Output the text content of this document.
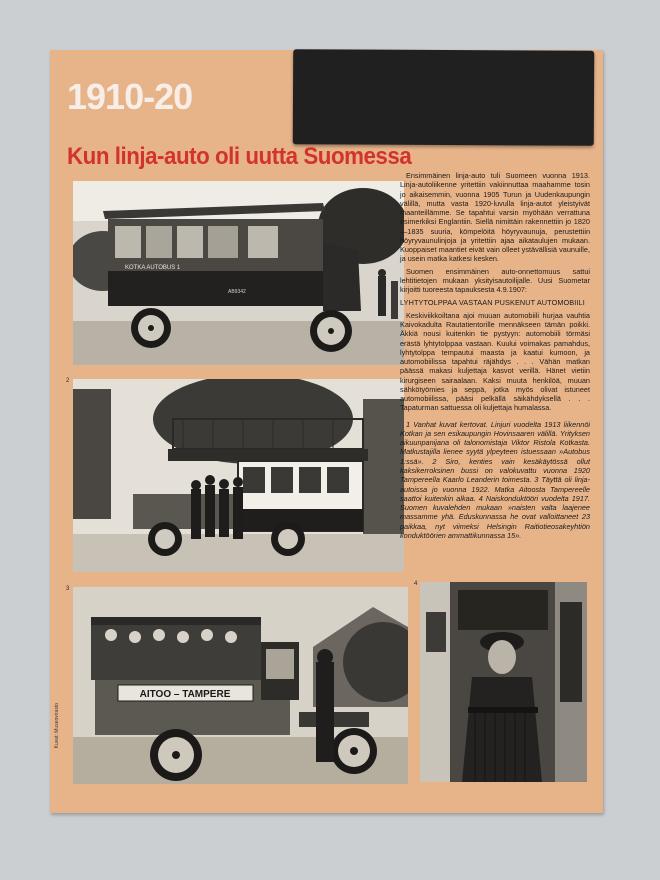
1910-20
Kun linja-auto oli uutta Suomessa
KOTKA AUTOBUS 1
AB9342
2
3
AITOO – TAMPERE
Kuvat: Museovirasto
4

Ensimmäinen linja-auto tuli Suomeen vuonna 1913. Linja-autoliikenne yritettiin vakiinnuttaa maahamme tosin jo aikaisemmin, vuonna 1905 Turun ja Uudenkaupungin välillä, mutta vasta 1920-luvulla linja-autot yleistyivät maanteillämme. Se tapahtui varsin myöhään verrattuna esimerkiksi Englantiin. Siellä nimittäin rakennettiin jo 1820—1835 suuria, kömpelöitä höyryvaunuja, perustettiin höyryvaunulinjoja ja yritettiin ajaa aikataulujen mukaan. Kuoppaiset maantiet eivät vain olleet ystävällisiä vaunuille, ja usein matka katkesi kesken.

Suomen ensimmäinen auto-onnettomuus sattui lehtitietojen mukaan yksityisautoilijalle. Uusi Suometar kirjoitti tuoreesta tapauksesta 4.9.1907:

LYHTYTOLPPAA VASTAAN PUSKENUT AUTOMOBIILI

Keskiviikkoiltana ajoi muuan automobiili hurjaa vauhtia Kaivokadulta Rautatientorille mennäkseen tämän poikki. Äkkiä nousi kuitenkin tie pystyyn: automobiili törmäsi erästä lyhtytolppaa vastaan. Kuului voimakas pamahdus, lyhtytolppa tempautui maasta ja kaatui kumoon, ja automobiilissa tapahtui räjähdys . . . Vähän matkan päässä makasi kuljettaja kasvot verillä. Hänet vietiin kirurgiseen sairaalaan. Kaksi muuta henkilöä, muuan sähkötyömies ja seppä, jotka myös olivat istuneet automobiilissa, pääsi pelkällä säikähdyksellä . . . Tapaturman sattuessa oli kuljettaja humalassa.

1 Vanhat kuvat kertovat. Linjuri vuodelta 1913 liikennöi Kotkan ja sen esikaupungin Hovinsaaren välillä. Yrityksen aikuunpanijana oli talonomistaja Viktor Ristola Kotkasta. Matkustajilla lienee syytä ylpeyteen istuessaan »Autobus 1:ssä». 2 Siro, kenties vain kesäkäytössä ollut kaksikerroksinen bussi on valokuvattu vuonna 1920 Tampereella Kaarlo Leanderin toimesta. 3 Täyttä oli linja-autoissa jo vuonna 1922. Matka Aitoosta Tampereelle saattoi kuitenkin alkaa. 4 Naiskonduktööri vuodelta 1917. Suomen kuvalehden mukaan »naisten valta laajenee massamme yhä. Eduskunnassa he ovat valloittaneet 23 paikkaa, nyt viimeksi Helsingin Raitiotieosakeyhtiön konduktöörien ammattikunnassa 15».
